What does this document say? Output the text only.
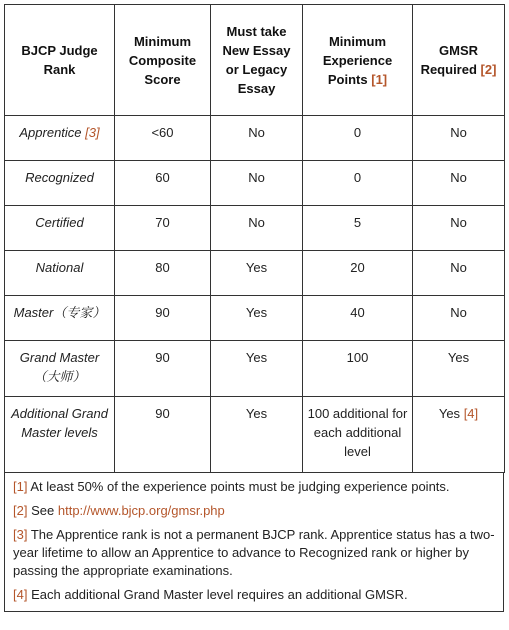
BJCP Judge Rank	Minimum Composite Score	Must take New Essay or Legacy Essay	Minimum Experience Points [1]	GMSR Required [2]
Apprentice [3]	<60	No	0	No
Recognized	60	No	0	No
Certified	70	No	5	No
National	80	Yes	20	No
Master（专家）	90	Yes	40	No
Grand Master（大师）	90	Yes	100	Yes
Additional Grand Master levels	90	Yes	100 additional for each additional level	Yes [4]
[1] At least 50% of the experience points must be judging experience points.
[2] See http://www.bjcp.org/gmsr.php
[3] The Apprentice rank is not a permanent BJCP rank. Apprentice status has a two-year lifetime to allow an Apprentice to advance to Recognized rank or higher by passing the appropriate examinations.
[4] Each additional Grand Master level requires an additional GMSR.
